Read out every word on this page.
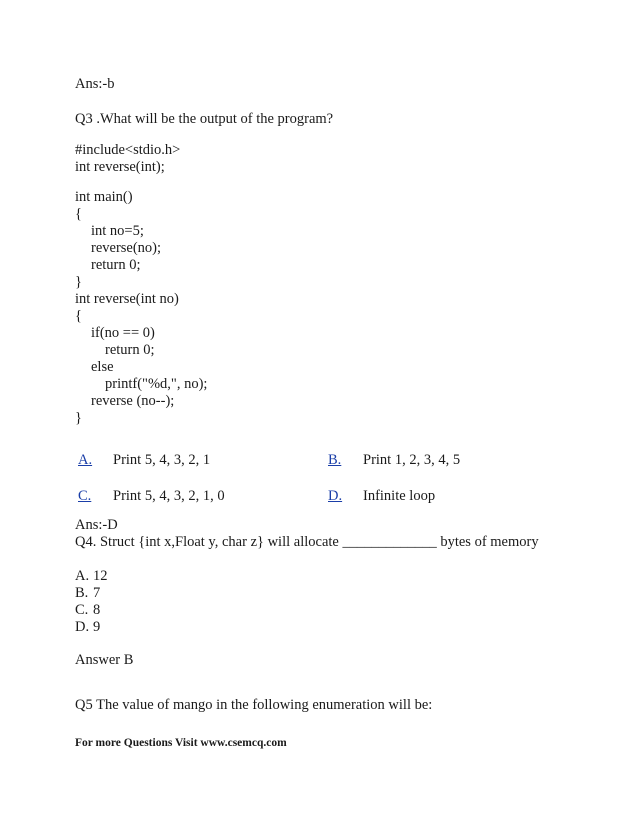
Ans:-b
Q3 .What will be the output of the program?
#include<stdio.h>
int reverse(int);
int main()
{
int no=5;
reverse(no);
return 0;
}
int reverse(int no)
{
if(no == 0)
return 0;
else
printf("%d,", no);
reverse (no--);
}
A. Print 5, 4, 3, 2, 1	B. Print 1, 2, 3, 4, 5
C. Print 5, 4, 3, 2, 1, 0	D. Infinite loop
Ans:-D
Q4. Struct {int x,Float y, char z} will allocate _____________ bytes of memory
A. 12
B. 7
C. 8
D. 9
Answer B
Q5 The value of mango in the following enumeration will be:
For more Questions Visit www.csemcq.com
